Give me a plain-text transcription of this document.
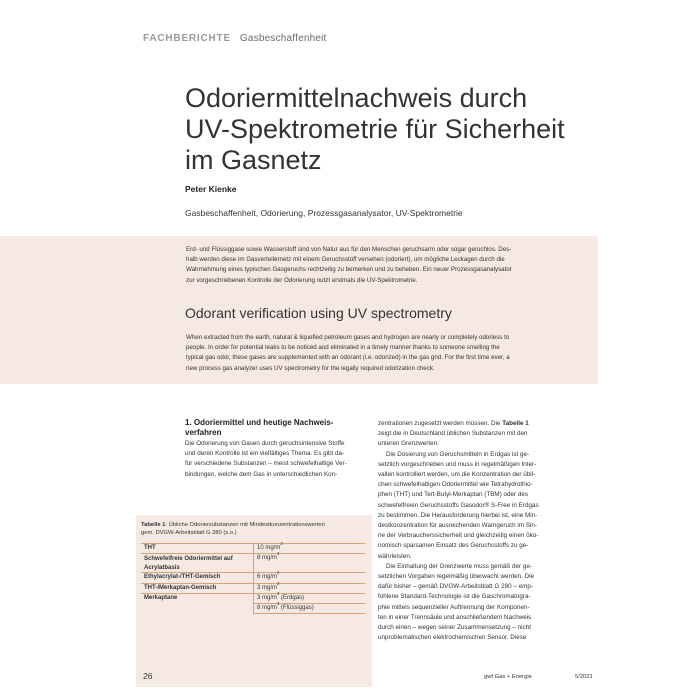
FACHBERICHTE Gasbeschaffenheit
Odoriermittelnachweis durch
UV-Spektrometrie für Sicherheit
im Gasnetz
Peter Kienke
Gasbeschaffenheit, Odorierung, Prozessgasanalysator, UV-Spektrometrie

Erd- und Flüssiggase sowie Wasserstoff sind von Natur aus für den Menschen geruchsarm oder sogar geruchlos. Des-
halb werden diese im Gasverteilernetz mit einem Geruchsstoff versehen (odoriert), um mögliche Leckagen durch die
Wahrnehmung eines typischen Gasgeruchs rechtzeitig zu bemerken und zu beheben. Ein neuer Prozessgasanalysator
zur vorgeschriebenen Kontrolle der Odorierung nutzt erstmals die UV-Spektrometrie.

Odorant verification using UV spectrometry

When extracted from the earth, natural & liquefied petroleum gases and hydrogen are nearly or completely odorless to
people. In order for potential leaks to be noticed and eliminated in a timely manner thanks to someone smelling the
typical gas odor, these gases are supplemented with an odorant (i.e. odorized) in the gas grid. For the first time ever, a
new process gas analyzer uses UV spectrometry for the legally required odorization check.

1. Odoriermittel und heutige Nachweis-
verfahren
Die Odorierung von Gasen durch geruchsintensive Stoffe
und deren Kontrolle ist ein vielfältiges Thema. Es gibt da-
für verschiedene Substanzen – meist schwefelhaltige Ver-
bindungen, welche dem Gas in unterschiedlichen Kon-
zentrationen zugesetzt werden müssen. Die Tabelle 1
zeigt die in Deutschland üblichen Substanzen mit den
unteren Grenzwerten.
Die Dosierung von Geruchsmitteln in Erdgas ist ge-
setzlich vorgeschrieben und muss in regelmäßigen Inter-
vallen kontrolliert werden, um die Konzentration der übli-
chen schwefelhaltigen Odoriermittel wie Tetrahydrothio-
phen (THT) und Tert-Butyl-Merkaptan (TBM) oder des
schwefelfreien Geruchsstoffs Gasodor® S-Free in Erdgas
zu bestimmen. Die Herausforderung hierbei ist, eine Min-
destkonzentration für ausreichenden Warngeruch im Sin-
ne der Verbraucherssicherheit und gleichzeitig einen öko-
nomisch sparsamen Einsatz des Geruchsstoffs zu ge-
währleisten.
Die Einhaltung der Grenzwerte muss gemäß der ge-
setzlichen Vorgaben regelmäßig überwacht werden. Die
dafür bisher – gemäß DVGW-Arbeitsblatt G 280 – emp-
fohlene Standard-Technologie ist die Gaschromatogra-
phie mittels sequenzieller Auftrennung der Komponen-
ten in einer Trennsäule und anschließendem Nachweis
durch einen – wegen seiner Zusammensetzung – nicht
unproblematischen elektrochemischen Sensor. Diese
Tabelle 1: Übliche Odoriersubstanzen mit Mindestkonzentrationswerten
gem. DVGW-Arbeitsblatt G 280 (s.o.)
THT	10 $mg/m^3$
Schwefelfreie Odoriermittel auf
Acrylatbasis	8 $mg/m^3$
Ethylacrylat-/THT-Gemisch	6 $mg/m^3$
THT-/Merkaptan-Gemisch	3 $mg/m^3$
Merkaptane	3 $mg/m^3$ (Erdgas)
	8 $mg/m^3$ (Flüssiggas)
26	gwf Gas + Energie	5/2021
